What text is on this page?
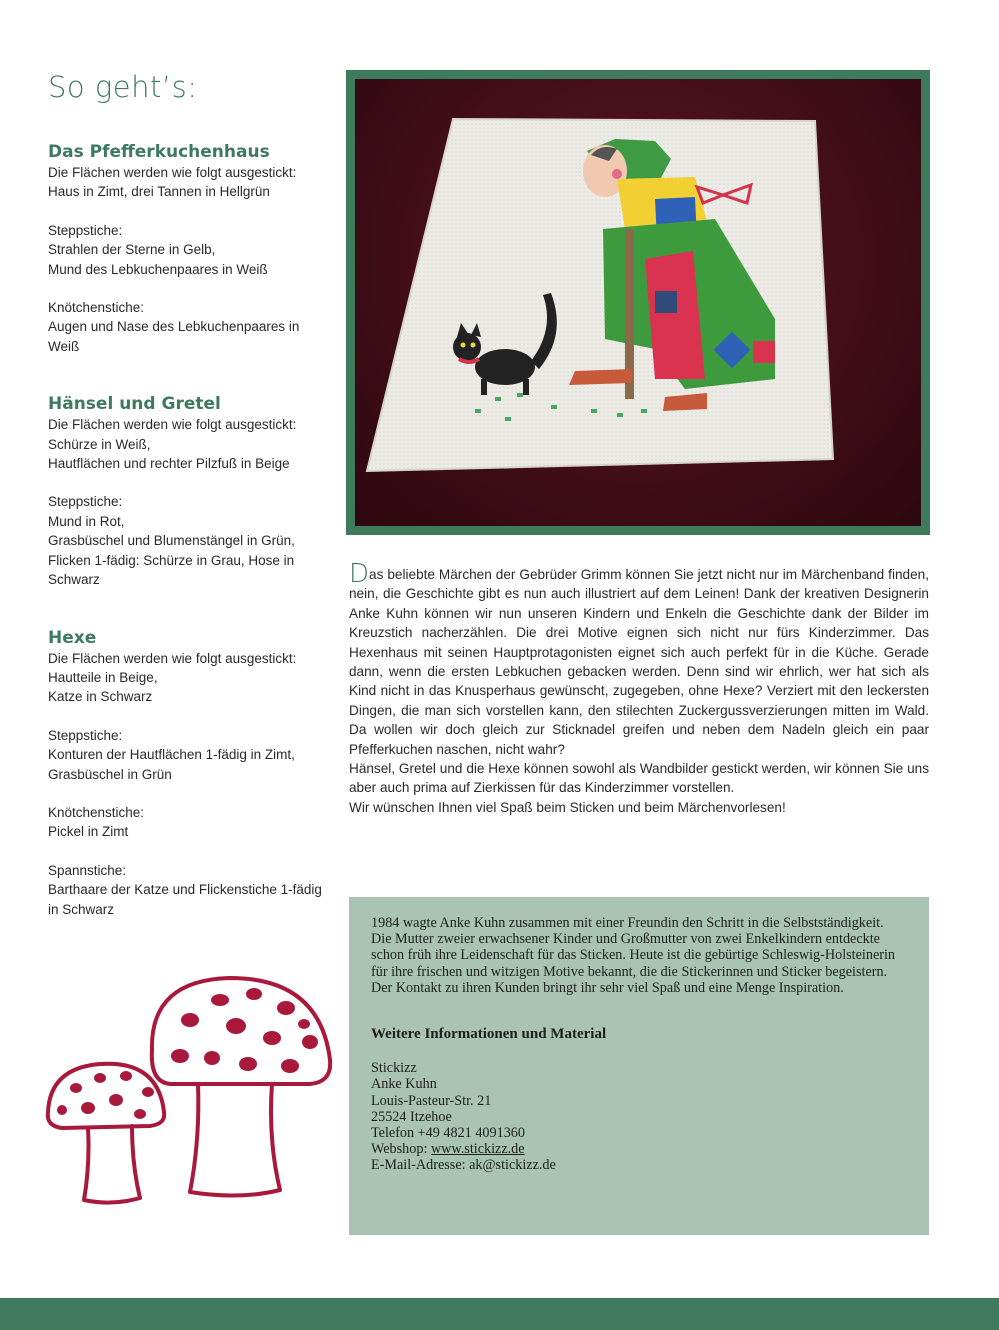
So geht’s:
Das Pfefferkuchenhaus

Die Flächen werden wie folgt ausgestickt:
Haus in Zimt, drei Tannen in Hellgrün

Steppstiche:
Strahlen der Sterne in Gelb,
Mund des Lebkuchenpaares in Weiß

Knötchenstiche:
Augen und Nase des Lebkuchenpaares in Weiß

Hänsel und Gretel

Die Flächen werden wie folgt ausgestickt:
Schürze in Weiß,
Hautflächen und rechter Pilzfuß in Beige

Steppstiche:
Mund in Rot,
Grasbüschel und Blumenstängel in Grün,
Flicken 1-fädig: Schürze in Grau, Hose in Schwarz

Hexe

Die Flächen werden wie folgt ausgestickt:
Hautteile in Beige,
Katze in Schwarz

Steppstiche:
Konturen der Hautflächen 1-fädig in Zimt,
Grasbüschel in Grün

Knötchenstiche:
Pickel in Zimt

Spannstiche:
Barthaare der Katze und Flickenstiche 1-fädig in Schwarz

Das beliebte Märchen der Gebrüder Grimm können Sie jetzt nicht nur im Märchenband finden, nein, die Geschichte gibt es nun auch illustriert auf dem Leinen! Dank der kreativen Designerin Anke Kuhn können wir nun unseren Kindern und Enkeln die Geschichte dank der Bilder im Kreuzstich nacherzählen. Die drei Motive eignen sich nicht nur fürs Kinderzimmer. Das Hexenhaus mit seinen Hauptprotagonisten eignet sich auch perfekt für in die Küche. Gerade dann, wenn die ersten Lebkuchen gebacken werden. Denn sind wir ehrlich, wer hat sich als Kind nicht in das Knusperhaus gewünscht, zugegeben, ohne Hexe? Verziert mit den leckersten Dingen, die man sich vorstellen kann, den stilechten Zuckergussverzierungen mitten im Wald. Da wollen wir doch gleich zur Sticknadel greifen und neben dem Nadeln gleich ein paar Pfefferkuchen naschen, nicht wahr?

Hänsel, Gretel und die Hexe können sowohl als Wandbilder gestickt werden, wir können Sie uns aber auch prima auf Zierkissen für das Kinderzimmer vorstellen.

Wir wünschen Ihnen viel Spaß beim Sticken und beim Märchenvorlesen!

1984 wagte Anke Kuhn zusammen mit einer Freundin den Schritt in die Selbstständigkeit. Die Mutter zweier erwachsener Kinder und Großmutter von zwei Enkelkindern entdeckte schon früh ihre Leidenschaft für das Sticken. Heute ist die gebürtige Schleswig-Holsteinerin für ihre frischen und witzigen Motive bekannt, die die Stickerinnen und Sticker begeistern. Der Kontakt zu ihren Kunden bringt ihr sehr viel Spaß und eine Menge Inspiration.

Weitere Informationen und Material
Stickizz
Anke Kuhn
Louis-Pasteur-Str. 21
25524 Itzehoe
Telefon +49 4821 4091360
Webshop: www.stickizz.de
E-Mail-Adresse: ak@stickizz.de
